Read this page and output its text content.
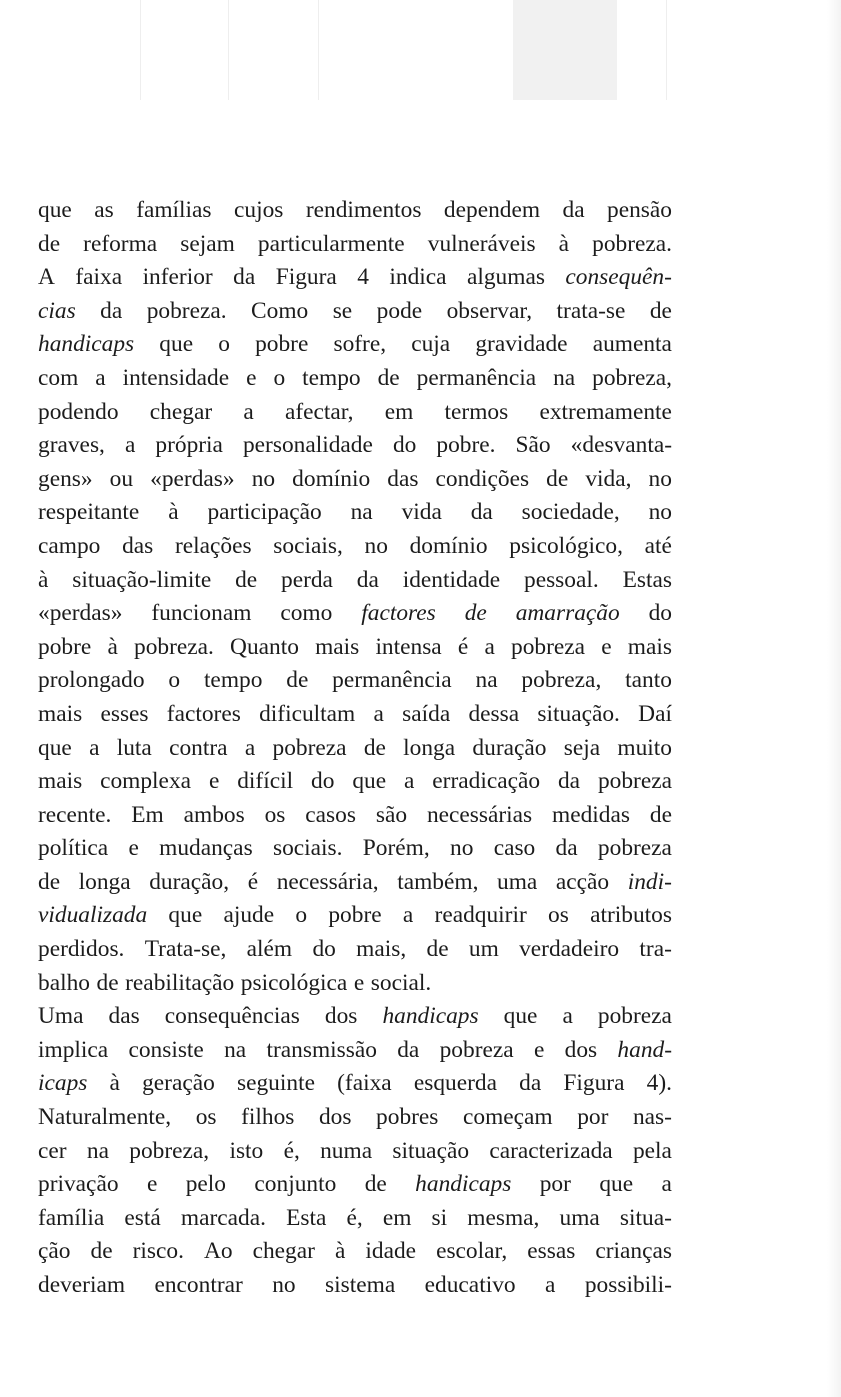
que as famílias cujos rendimentos dependem da pensão
de reforma sejam particularmente vulneráveis à pobreza.
A faixa inferior da Figura 4 indica algumas consequên-
cias da pobreza. Como se pode observar, trata-se de
handicaps que o pobre sofre, cuja gravidade aumenta
com a intensidade e o tempo de permanência na pobreza,
podendo chegar a afectar, em termos extremamente
graves, a própria personalidade do pobre. São «desvanta-
gens» ou «perdas» no domínio das condições de vida, no
respeitante à participação na vida da sociedade, no
campo das relações sociais, no domínio psicológico, até
à situação-limite de perda da identidade pessoal. Estas
«perdas» funcionam como factores de amarração do
pobre à pobreza. Quanto mais intensa é a pobreza e mais
prolongado o tempo de permanência na pobreza, tanto
mais esses factores dificultam a saída dessa situação. Daí
que a luta contra a pobreza de longa duração seja muito
mais complexa e difícil do que a erradicação da pobreza
recente. Em ambos os casos são necessárias medidas de
política e mudanças sociais. Porém, no caso da pobreza
de longa duração, é necessária, também, uma acção indi-
vidualizada que ajude o pobre a readquirir os atributos
perdidos. Trata-se, além do mais, de um verdadeiro tra-
balho de reabilitação psicológica e social.
Uma das consequências dos handicaps que a pobreza
implica consiste na transmissão da pobreza e dos hand-
icaps à geração seguinte (faixa esquerda da Figura 4).
Naturalmente, os filhos dos pobres começam por nas-
cer na pobreza, isto é, numa situação caracterizada pela
privação e pelo conjunto de handicaps por que a
família está marcada. Esta é, em si mesma, uma situa-
ção de risco. Ao chegar à idade escolar, essas crianças
deveriam encontrar no sistema educativo a possibili-
